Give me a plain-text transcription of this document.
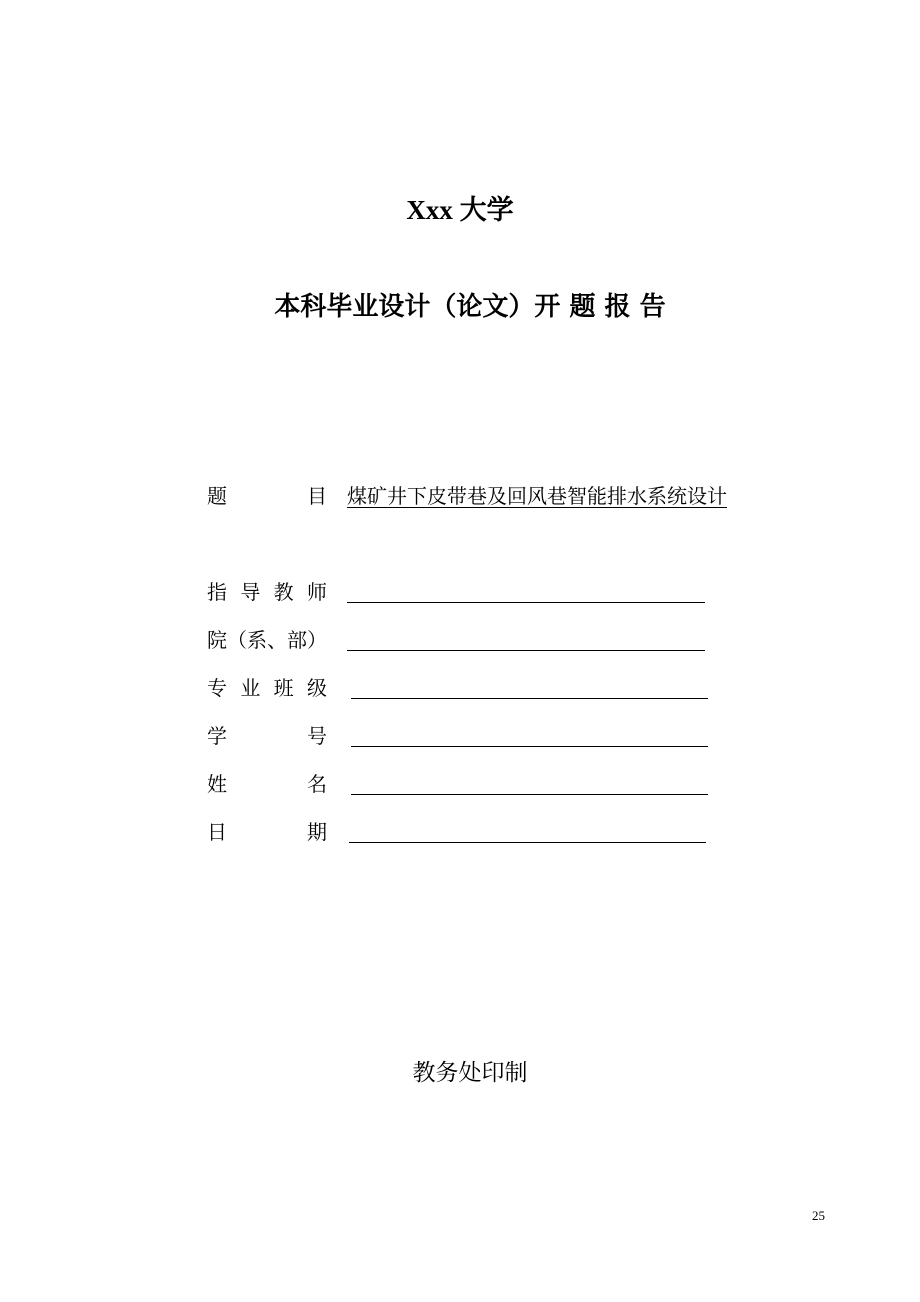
Xxx 大学
本科毕业设计（论文）开 题 报 告
题	目 煤矿井下皮带巷及回风巷智能排水系统设计
指 导 教 师
院（系、部）
专 业 班 级
学	号
姓	名
日	期
教务处印制
25
